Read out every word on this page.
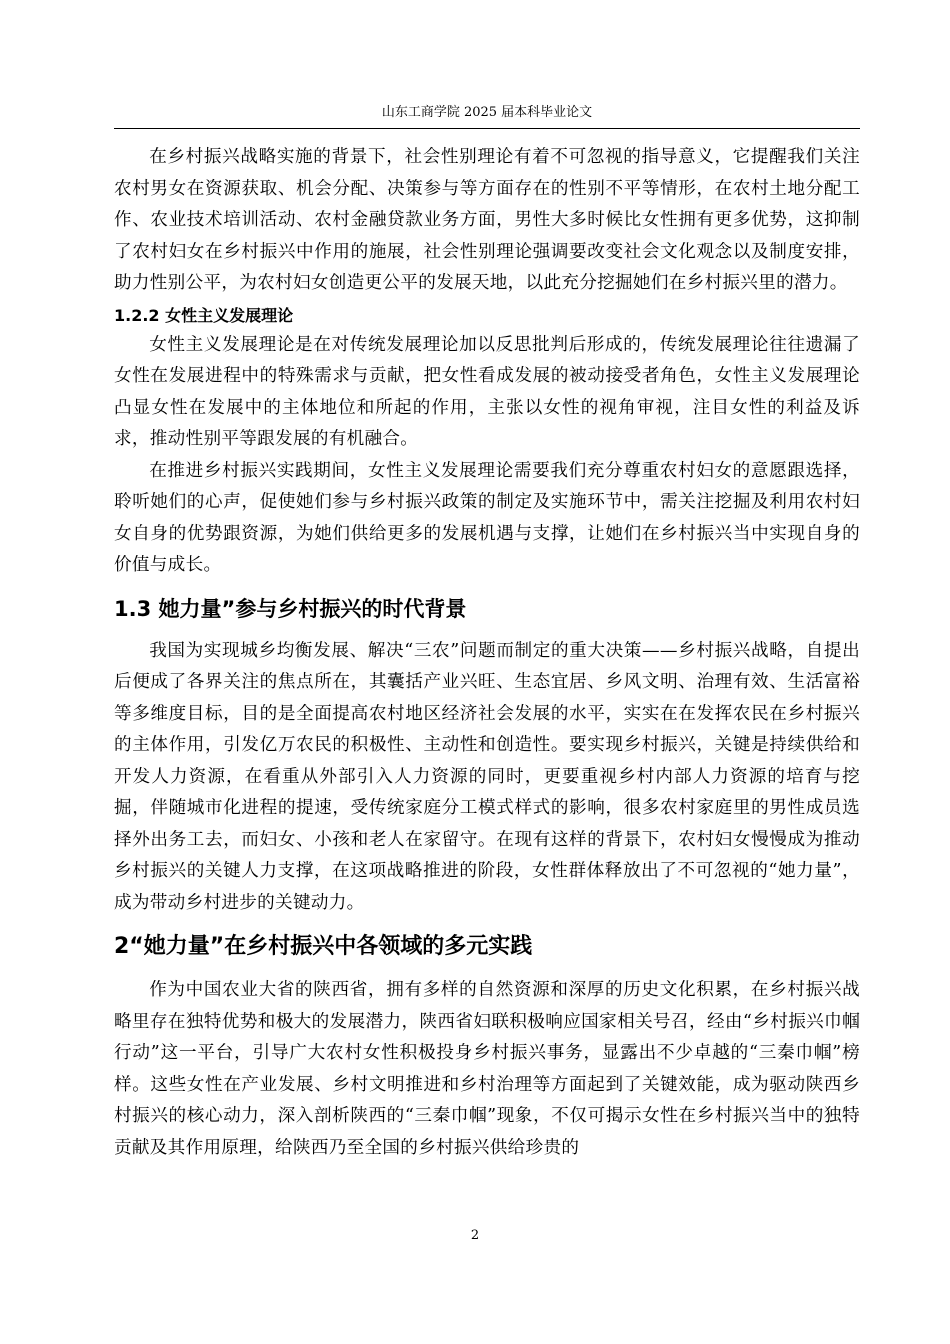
山东工商学院 2025 届本科毕业论文

在乡村振兴战略实施的背景下，社会性别理论有着不可忽视的指导意义，它提醒我们关注农村男女在资源获取、机会分配、决策参与等方面存在的性别不平等情形，在农村土地分配工作、农业技术培训活动、农村金融贷款业务方面，男性大多时候比女性拥有更多优势，这抑制了农村妇女在乡村振兴中作用的施展，社会性别理论强调要改变社会文化观念以及制度安排，助力性别公平，为农村妇女创造更公平的发展天地，以此充分挖掘她们在乡村振兴里的潜力。

1.2.2 女性主义发展理论

女性主义发展理论是在对传统发展理论加以反思批判后形成的，传统发展理论往往遗漏了女性在发展进程中的特殊需求与贡献，把女性看成发展的被动接受者角色，女性主义发展理论凸显女性在发展中的主体地位和所起的作用，主张以女性的视角审视，注目女性的利益及诉求，推动性别平等跟发展的有机融合。

在推进乡村振兴实践期间，女性主义发展理论需要我们充分尊重农村妇女的意愿跟选择，聆听她们的心声，促使她们参与乡村振兴政策的制定及实施环节中，需关注挖掘及利用农村妇女自身的优势跟资源，为她们供给更多的发展机遇与支撑，让她们在乡村振兴当中实现自身的价值与成长。

1.3 她力量”参与乡村振兴的时代背景

我国为实现城乡均衡发展、解决“三农”问题而制定的重大决策——乡村振兴战略，自提出后便成了各界关注的焦点所在，其囊括产业兴旺、生态宜居、乡风文明、治理有效、生活富裕等多维度目标，目的是全面提高农村地区经济社会发展的水平，实实在在发挥农民在乡村振兴的主体作用，引发亿万农民的积极性、主动性和创造性。要实现乡村振兴，关键是持续供给和开发人力资源，在看重从外部引入人力资源的同时，更要重视乡村内部人力资源的培育与挖掘，伴随城市化进程的提速，受传统家庭分工模式样式的影响，很多农村家庭里的男性成员选择外出务工去，而妇女、小孩和老人在家留守。在现有这样的背景下，农村妇女慢慢成为推动乡村振兴的关键人力支撑，在这项战略推进的阶段，女性群体释放出了不可忽视的“她力量”，成为带动乡村进步的关键动力。

2“她力量”在乡村振兴中各领域的多元实践

作为中国农业大省的陕西省，拥有多样的自然资源和深厚的历史文化积累，在乡村振兴战略里存在独特优势和极大的发展潜力，陕西省妇联积极响应国家相关号召，经由“乡村振兴巾帼行动”这一平台，引导广大农村女性积极投身乡村振兴事务，显露出不少卓越的“三秦巾帼”榜样。这些女性在产业发展、乡村文明推进和乡村治理等方面起到了关键效能，成为驱动陕西乡村振兴的核心动力，深入剖析陕西的“三秦巾帼”现象，不仅可揭示女性在乡村振兴当中的独特贡献及其作用原理，给陕西乃至全国的乡村振兴供给珍贵的

2
